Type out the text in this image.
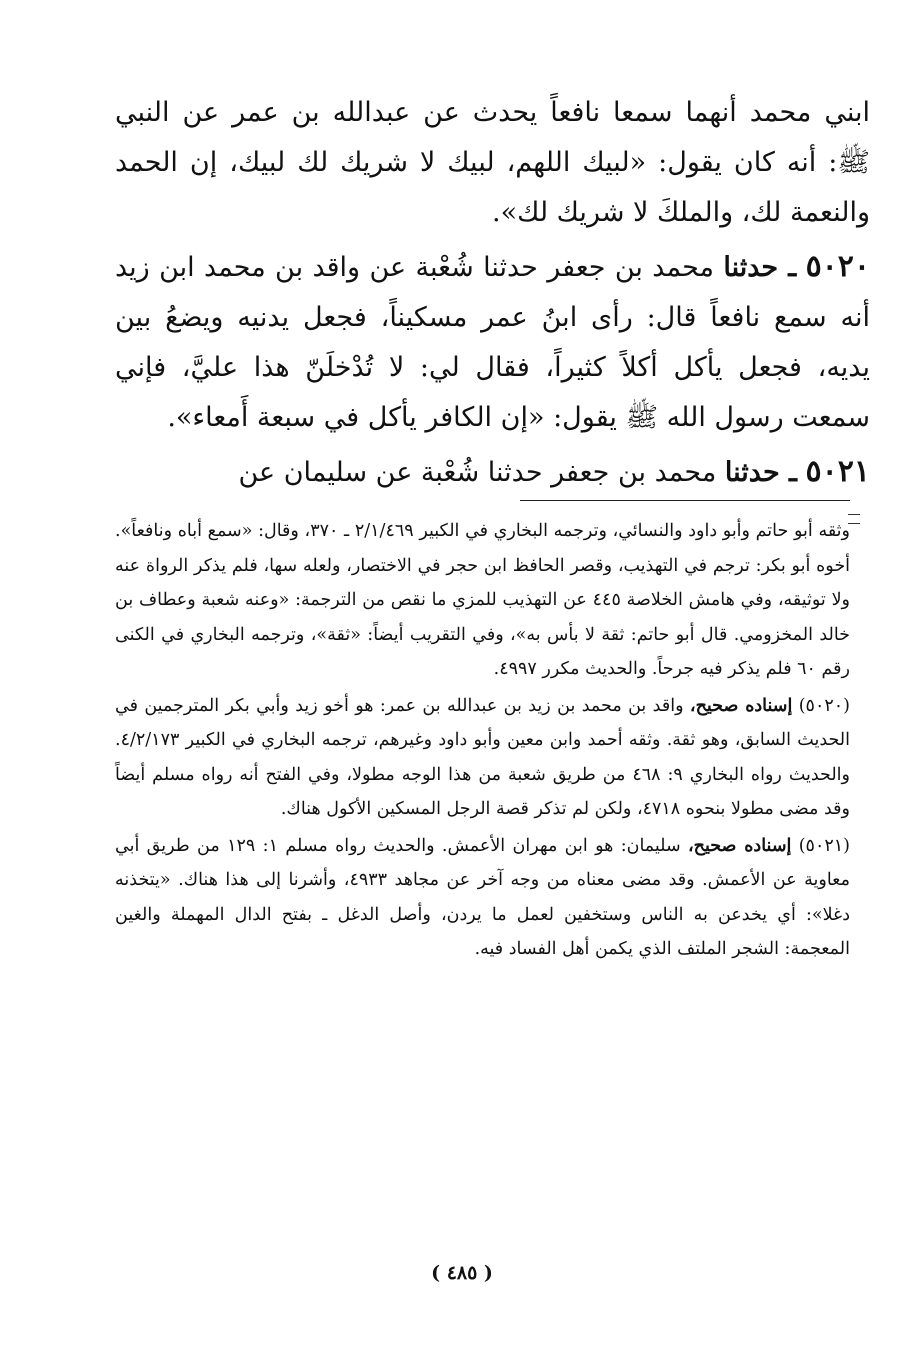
ابني محمد أنهما سمعا نافعاً يحدث عن عبدالله بن عمر عن النبي ﷺ: أنه كان يقول: «لبيك اللهم، لبيك لا شريك لك لبيك، إن الحمد والنعمة لك، والملكَ لا شريك لك».

٥٠٢٠ ـ حدثنا محمد بن جعفر حدثنا شُعْبة عن واقد بن محمد ابن زيد أنه سمع نافعاً قال: رأى ابنُ عمر مسكيناً، فجعل يدنيه ويضعُ بين يديه، فجعل يأكل أكلاً كثيراً، فقال لي: لا تُدْخلَنّ هذا عليَّ، فإني سمعت رسول الله ﷺ يقول: «إن الكافر يأكل في سبعة أَمعاء».

٥٠٢١ ـ حدثنا محمد بن جعفر حدثنا شُعْبة عن سليمان عن

وثقه أبو حاتم وأبو داود والنسائي، وترجمه البخاري في الكبير ٢/١/٤٦٩ ـ ٣٧٠، وقال: «سمع أباه ونافعاً». أخوه أبو بكر: ترجم في التهذيب، وقصر الحافظ ابن حجر في الاختصار، ولعله سها، فلم يذكر الرواة عنه ولا توثيقه، وفي هامش الخلاصة ٤٤٥ عن التهذيب للمزي ما نقص من الترجمة: «وعنه شعبة وعطاف بن خالد المخزومي. قال أبو حاتم: ثقة لا بأس به»، وفي التقريب أيضاً: «ثقة»، وترجمه البخاري في الكنى رقم ٦٠ فلم يذكر فيه جرحاً. والحديث مكرر ٤٩٩٧.

(٥٠٢٠) إسناده صحيح، واقد بن محمد بن زيد بن عبدالله بن عمر: هو أخو زيد وأبي بكر المترجمين في الحديث السابق، وهو ثقة. وثقه أحمد وابن معين وأبو داود وغيرهم، ترجمه البخاري في الكبير ٤/٢/١٧٣. والحديث رواه البخاري ٩: ٤٦٨ من طريق شعبة من هذا الوجه مطولا، وفي الفتح أنه رواه مسلم أيضاً وقد مضى مطولا بنحوه ٤٧١٨، ولكن لم تذكر قصة الرجل المسكين الأكول هناك.

(٥٠٢١) إسناده صحيح، سليمان: هو ابن مهران الأعمش. والحديث رواه مسلم ١: ١٢٩ من طريق أبي معاوية عن الأعمش. وقد مضى معناه من وجه آخر عن مجاهد ٤٩٣٣، وأشرنا إلى هذا هناك. «يتخذنه دغلا»: أي يخدعن به الناس وستخفين لعمل ما يردن، وأصل الدغل ـ بفتح الدال المهملة والغين المعجمة: الشجر الملتف الذي يكمن أهل الفساد فيه.

( ٤٨٥ )
